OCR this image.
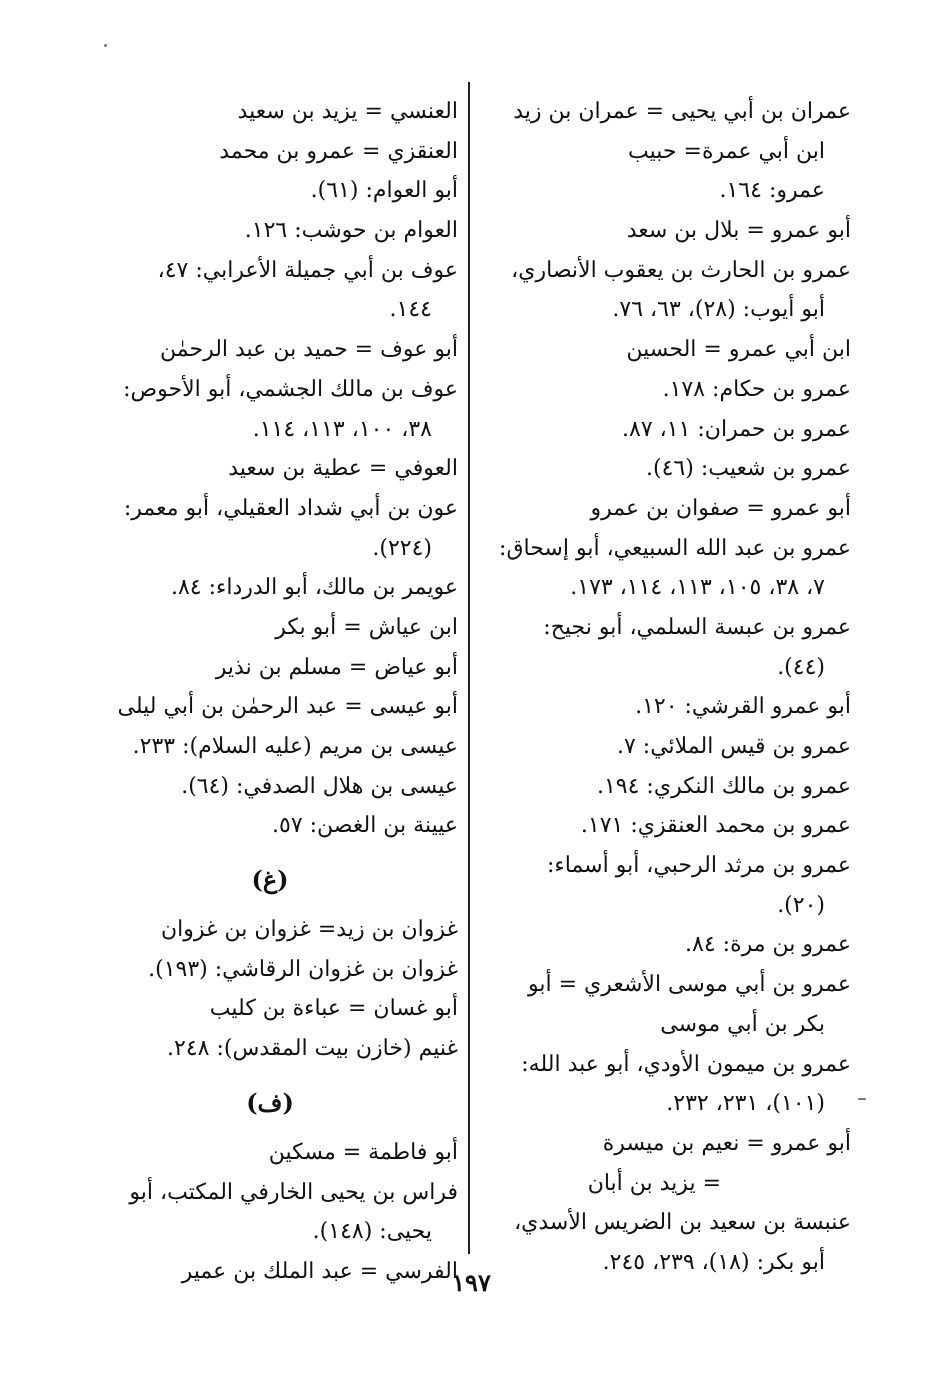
عمران بن أبي يحيى = عمران بن زيد
ابن أبي عمرة= حبيب
عمرو: ١٦٤.
أبو عمرو = بلال بن سعد
عمرو بن الحارث بن يعقوب الأنصاري،
أبو أيوب: (٢٨)، ٦٣، ٧٦.
ابن أبي عمرو = الحسين
عمرو بن حكام: ١٧٨.
عمرو بن حمران: ١١، ٨٧.
عمرو بن شعيب: (٤٦).
أبو عمرو = صفوان بن عمرو
عمرو بن عبد الله السبيعي، أبو إسحاق:
٧، ٣٨، ١٠٥، ١١٣، ١١٤، ١٧٣.
عمرو بن عبسة السلمي، أبو نجيح:
(٤٤).
أبو عمرو القرشي: ١٢٠.
عمرو بن قيس الملائي: ٧.
عمرو بن مالك النكري: ١٩٤.
عمرو بن محمد العنقزي: ١٧١.
عمرو بن مرثد الرحبي، أبو أسماء:
(٢٠).
عمرو بن مرة: ٨٤.
عمرو بن أبي موسى الأشعري = أبو
بكر بن أبي موسى
عمرو بن ميمون الأودي، أبو عبد الله:
(١٠١)، ٢٣١، ٢٣٢.
أبو عمرو = نعيم بن ميسرة
= يزيد بن أبان
عنبسة بن سعيد بن الضريس الأسدي،
أبو بكر: (١٨)، ٢٣٩، ٢٤٥.
العنسي = يزيد بن سعيد
العنقزي = عمرو بن محمد
أبو العوام: (٦١).
العوام بن حوشب: ١٢٦.
عوف بن أبي جميلة الأعرابي: ٤٧،
١٤٤.
أبو عوف = حميد بن عبد الرحمٰن
عوف بن مالك الجشمي، أبو الأحوص:
٣٨، ١٠٠، ١١٣، ١١٤.
العوفي = عطية بن سعيد
عون بن أبي شداد العقيلي، أبو معمر:
(٢٢٤).
عويمر بن مالك، أبو الدرداء: ٨٤.
ابن عياش = أبو بكر
أبو عياض = مسلم بن نذير
أبو عيسى = عبد الرحمٰن بن أبي ليلى
عيسى بن مريم (عليه السلام): ٢٣٣.
عيسى بن هلال الصدفي: (٦٤).
عيينة بن الغصن: ٥٧.
(غ)
غزوان بن زيد= غزوان بن غزوان
غزوان بن غزوان الرقاشي: (١٩٣).
أبو غسان = عباءة بن كليب
غنيم (خازن بيت المقدس): ٢٤٨.
(ف)
أبو فاطمة = مسكين
فراس بن يحيى الخارفي المكتب، أبو
يحيى: (١٤٨).
الفرسي = عبد الملك بن عمير
١٩٧
